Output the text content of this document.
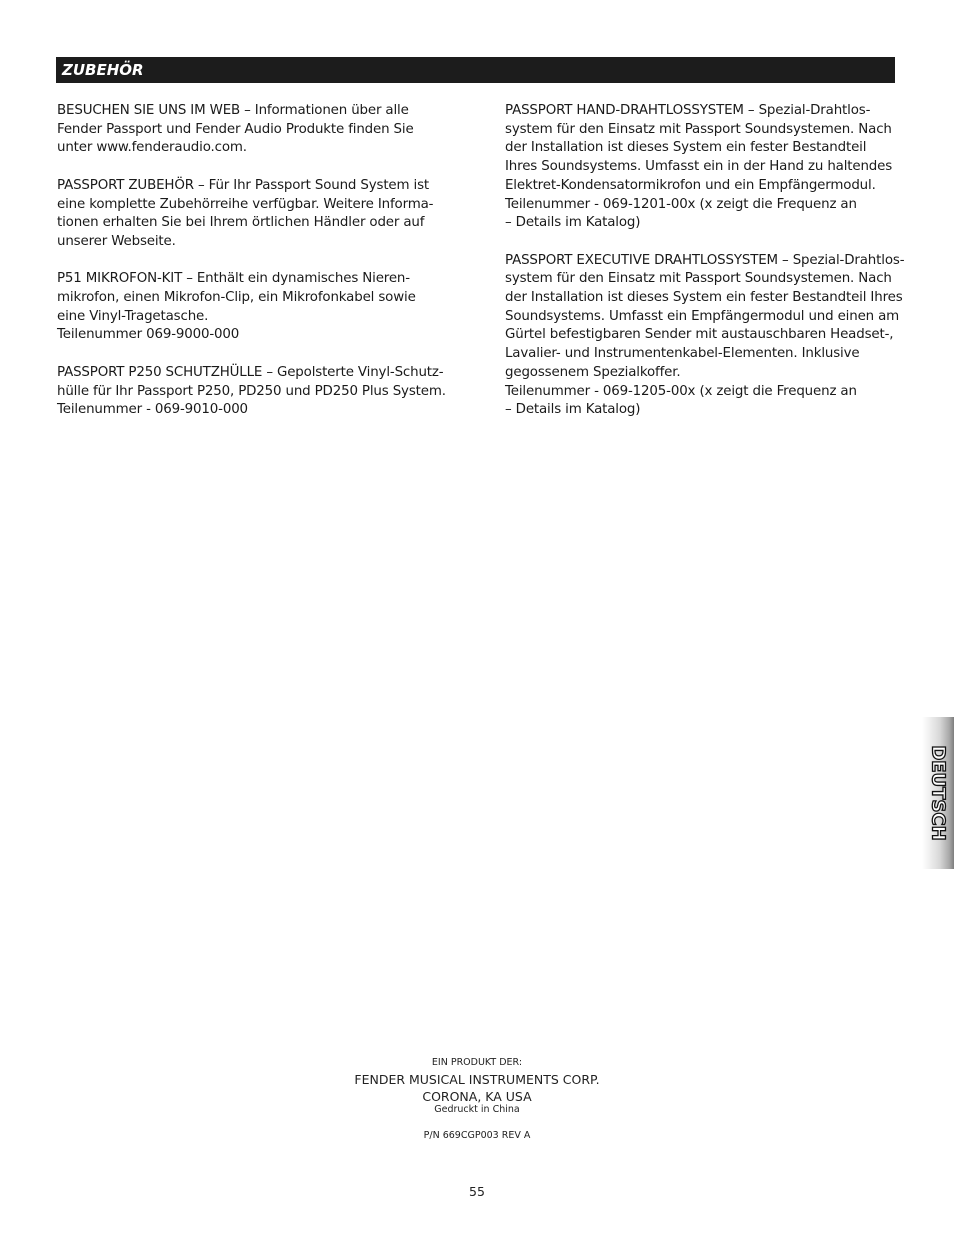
ZUBEHÖR

BESUCHEN SIE UNS IM WEB – Informationen über alle
Fender Passport und Fender Audio Produkte finden Sie
unter www.fenderaudio.com.

PASSPORT ZUBEHÖR – Für Ihr Passport Sound System ist
eine komplette Zubehörreihe verfügbar. Weitere Informa-
tionen erhalten Sie bei Ihrem örtlichen Händler oder auf
unserer Webseite.

P51 MIKROFON-KIT – Enthält ein dynamisches Nieren-
mikrofon, einen Mikrofon-Clip, ein Mikrofonkabel sowie
eine Vinyl-Tragetasche.
Teilenummer 069-9000-000

PASSPORT P250 SCHUTZHÜLLE – Gepolsterte Vinyl-Schutz-
hülle für Ihr Passport P250, PD250 und PD250 Plus System.
Teilenummer - 069-9010-000

PASSPORT HAND-DRAHTLOSSYSTEM – Spezial-Drahtlos-
system für den Einsatz mit Passport Soundsystemen. Nach
der Installation ist dieses System ein fester Bestandteil
Ihres Soundsystems. Umfasst ein in der Hand zu haltendes
Elektret-Kondensatormikrofon und ein Empfängermodul.
Teilenummer - 069-1201-00x (x zeigt die Frequenz an
– Details im Katalog)

PASSPORT EXECUTIVE DRAHTLOSSYSTEM – Spezial-Drahtlos-
system für den Einsatz mit Passport Soundsystemen. Nach
der Installation ist dieses System ein fester Bestandteil Ihres
Soundsystems. Umfasst ein Empfängermodul und einen am
Gürtel befestigbaren Sender mit austauschbaren Headset-,
Lavalier- und Instrumentenkabel-Elementen. Inklusive
gegossenem Spezialkoffer.
Teilenummer - 069-1205-00x (x zeigt die Frequenz an
– Details im Katalog)

DEUTSCH
EIN PRODUKT DER:
FENDER MUSICAL INSTRUMENTS CORP.
CORONA, KA USA
Gedruckt in China
P/N 669CGP003 REV A
55
